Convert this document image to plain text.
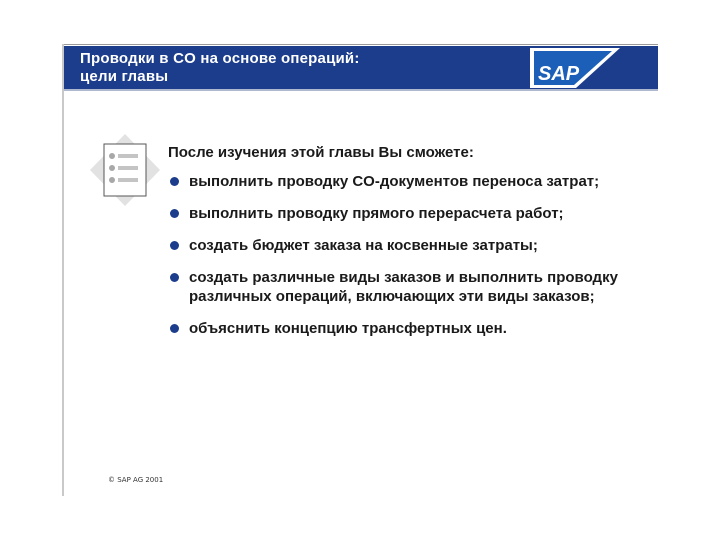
Проводки в CO на основе операций:
цели главы	SAP
После изучения этой главы Вы сможете:
выполнить проводку CO-документов переноса затрат;
выполнить проводку прямого перерасчета работ;
создать бюджет заказа на косвенные затраты;
создать различные виды заказов и выполнить проводку различных операций, включающих эти виды заказов;
объяснить концепцию трансфертных цен.
© SAP AG 2001
